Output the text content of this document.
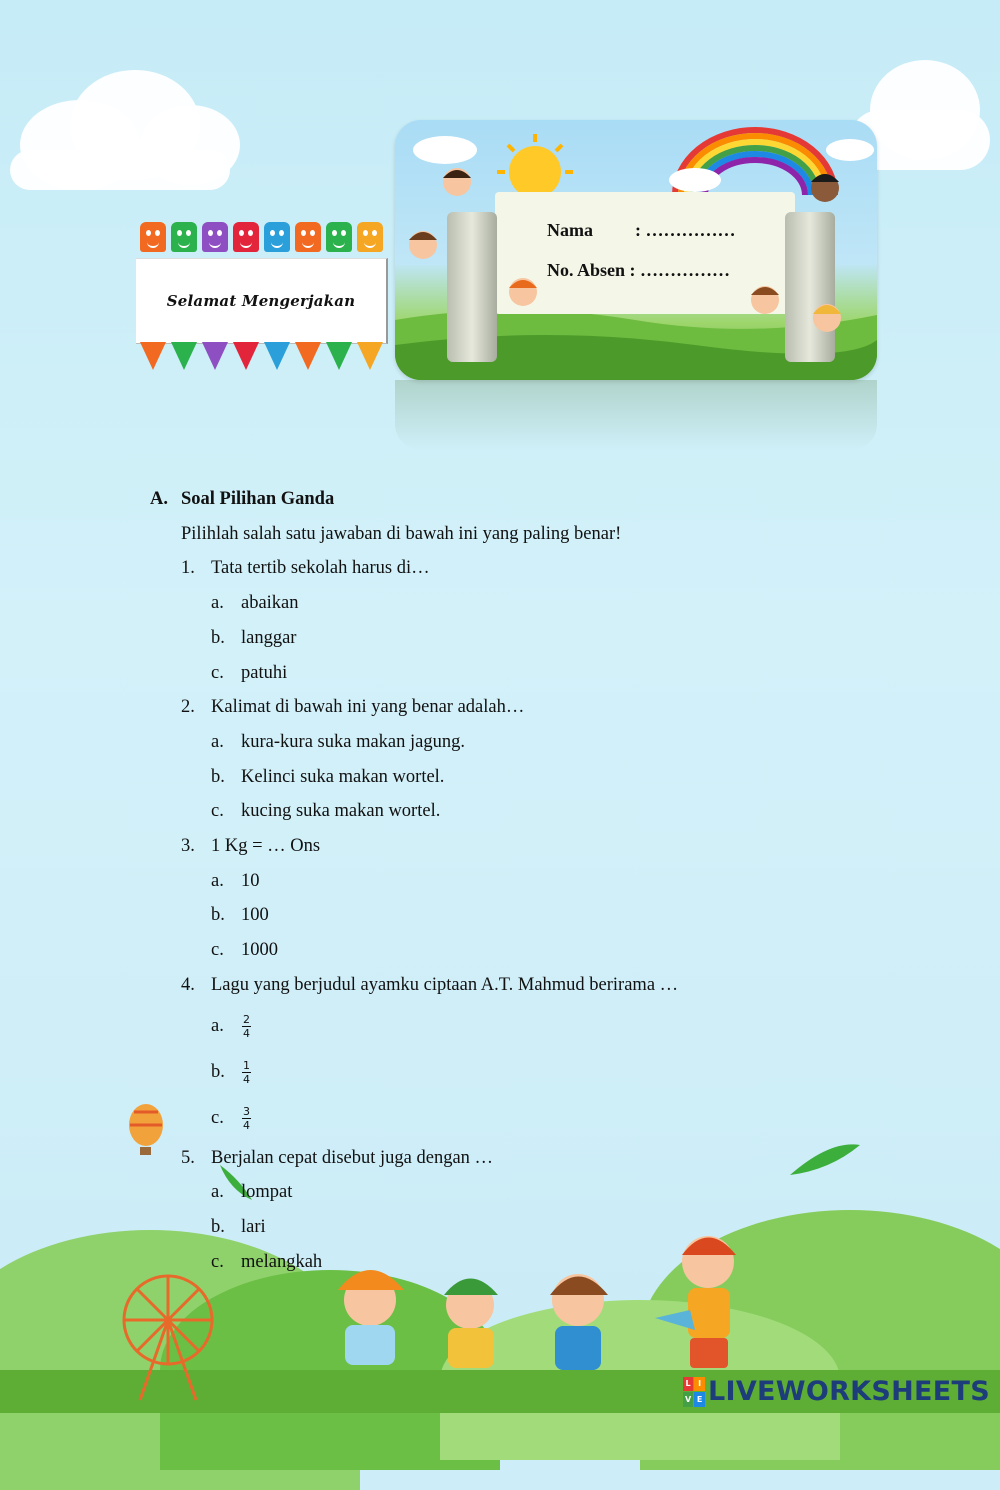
Selamat Mengerjakan
Nama : ……………
No. Absen : ……………
A. Soal Pilihan Ganda
Pilihlah salah satu jawaban di bawah ini yang paling benar!
1. Tata tertib sekolah harus di…
a. abaikan
b. langgar
c. patuhi
2. Kalimat di bawah ini yang benar adalah…
a. kura-kura suka makan jagung.
b. Kelinci suka makan wortel.
c. kucing suka makan wortel.
3. 1 Kg = … Ons
a. 10
b. 100
c. 1000
4. Lagu yang berjudul ayamku ciptaan A.T. Mahmud berirama …
a. $\frac{2}{4}$
b. $\frac{1}{4}$
c. $\frac{3}{4}$
5. Berjalan cepat disebut juga dengan …
a. lompat
b. lari
c. melangkah
L I
V E LIVEWORKSHEETS
